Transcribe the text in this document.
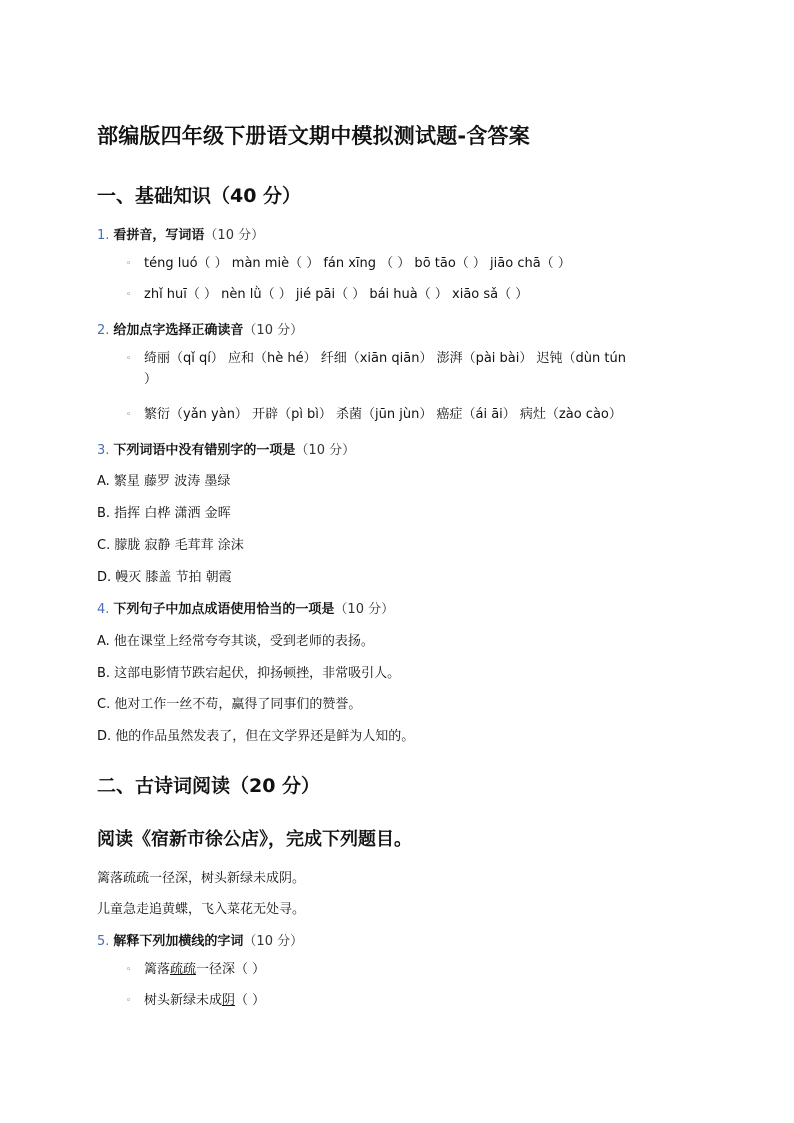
部编版四年级下册语文期中模拟测试题-含答案
一、基础知识（40 分）
1. 看拼音，写词语（10 分）
◦ téng luó（ ） màn miè（ ） fán xīng （ ） bō tāo（ ） jiāo chā（ ）
◦ zhǐ huī（ ） nèn lǜ（ ） jié pāi（ ） bái huà（ ） xiāo sǎ（ ）
2. 给加点字选择正确读音（10 分）
◦ 绮丽（qǐ qí） 应和（hè hé） 纤细（xiān qiān） 澎湃（pài bài） 迟钝（dùn tún
）
◦ 繁衍（yǎn yàn） 开辟（pì bì） 杀菌（jūn jùn） 癌症（ái āi） 病灶（zào cào）
3. 下列词语中没有错别字的一项是（10 分）
A. 繁星 藤罗 波涛 墨绿
B. 指挥 白桦 潇洒 金晖
C. 朦胧 寂静 毛茸茸 涂沫
D. 幔灭 膝盖 节拍 朝霞
4. 下列句子中加点成语使用恰当的一项是（10 分）
A. 他在课堂上经常夸夸其谈，受到老师的表扬。
B. 这部电影情节跌宕起伏，抑扬顿挫，非常吸引人。
C. 他对工作一丝不苟，赢得了同事们的赞誉。
D. 他的作品虽然发表了，但在文学界还是鲜为人知的。
二、古诗词阅读（20 分）
阅读《宿新市徐公店》，完成下列题目。
篱落疏疏一径深，树头新绿未成阴。
儿童急走追黄蝶，飞入菜花无处寻。
5. 解释下列加横线的字词（10 分）
◦ 篱落疏疏一径深（ ）
◦ 树头新绿未成阴（ ）
